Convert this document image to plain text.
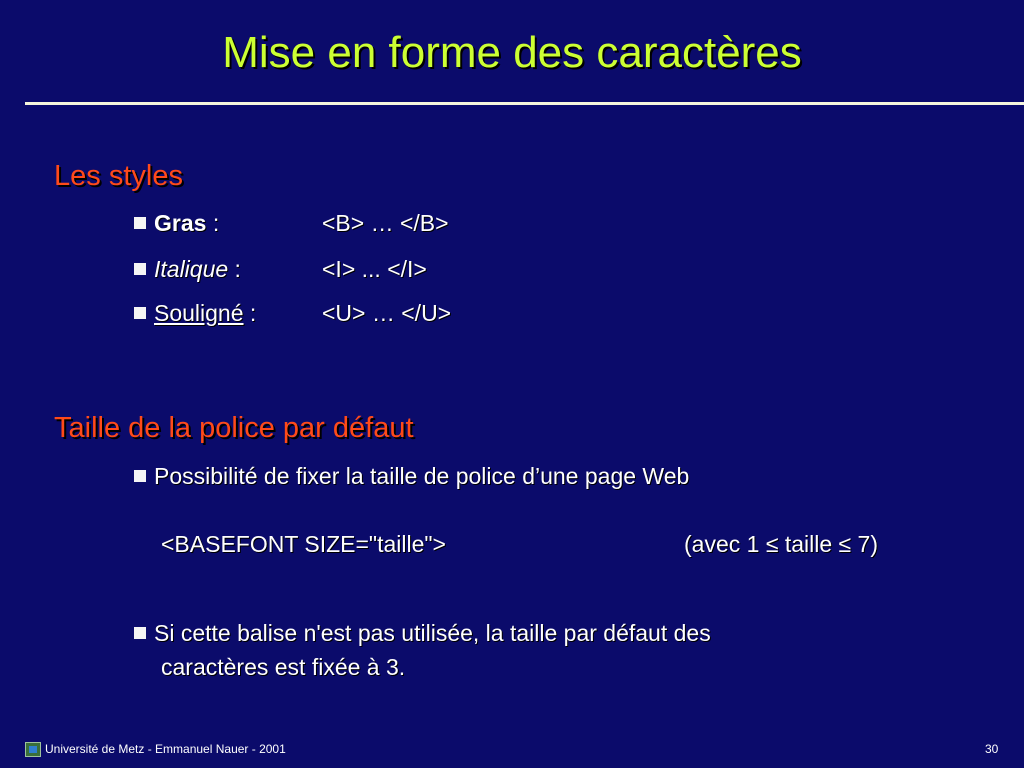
Mise en forme des caractères
Les styles
Gras :	<B> … </B>
Italique :	<I> ... </I>
Souligné :	<U> … </U>
Taille de la police par défaut
Possibilité de fixer la taille de police d’une page Web
<BASEFONT SIZE="taille">	(avec 1 ≤ taille ≤ 7)
Si cette balise n'est pas utilisée, la taille par défaut des
caractères est fixée à 3.
Université de Metz - Emmanuel Nauer - 2001	30
